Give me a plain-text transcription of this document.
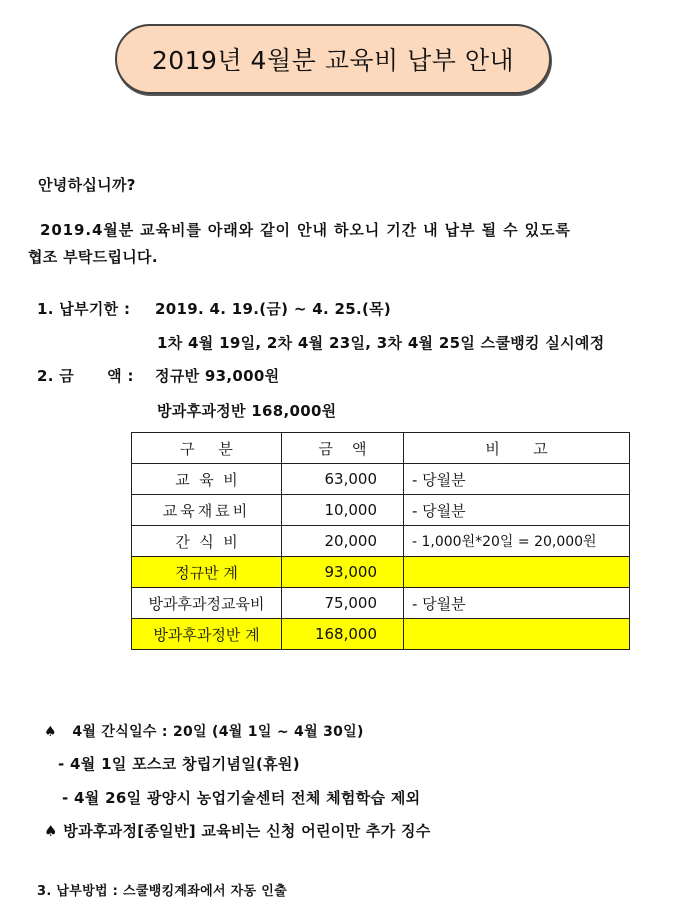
2019년 4월분 교육비 납부 안내
안녕하십니까?
2019.4월분 교육비를 아래와 같이 안내 하오니 기간 내 납부 될 수 있도록
협조 부탁드립니다.
1. 납부기한 : 2019. 4. 19.(금) ~ 4. 25.(목)
1차 4월 19일, 2차 4월 23일, 3차 4월 25일 스쿨뱅킹 실시예정
2. 금      액 : 정규반 93,000원
방과후과정반 168,000원
구     분	금    액	비       고
교  육  비	63,000	- 당월분
교육재료비	10,000	- 당월분
간  식  비	20,000	- 1,000원*20일 = 20,000원
정규반 계	93,000	
방과후과정교육비	75,000	- 당월분
방과후과정반 계	168,000	
♠ 4월 간식일수 : 20일 (4월 1일 ~ 4월 30일)
- 4월 1일 포스코 창립기념일(휴원)
- 4월 26일 광양시 농업기술센터 전체 체험학습 제외
♠ 방과후과정[종일반] 교육비는 신청 어린이만 추가 징수
3. 납부방법 : 스쿨뱅킹계좌에서 자동 인출
